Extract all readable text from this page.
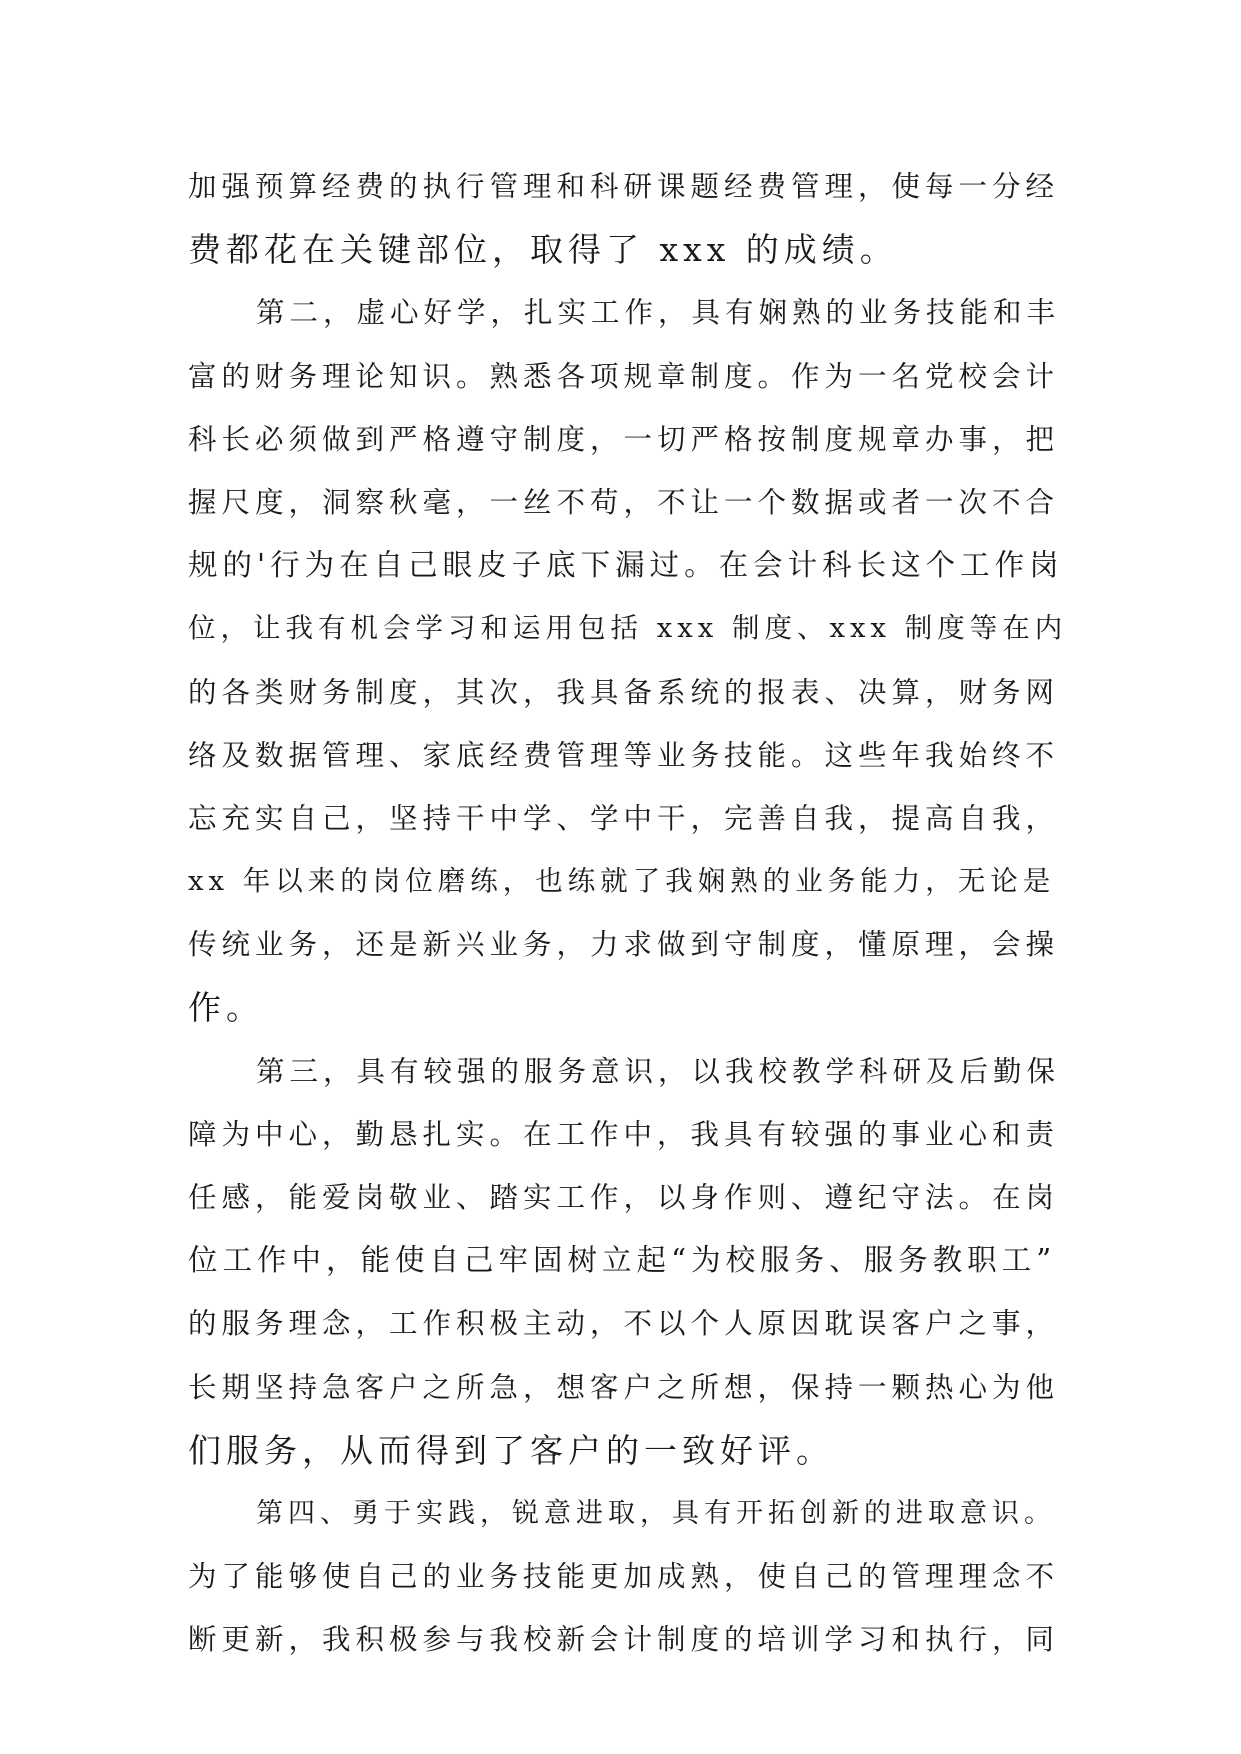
加强预算经费的执行管理和科研课题经费管理，使每一分经
费都花在关键部位，取得了 xxx 的成绩。
第二，虚心好学，扎实工作，具有娴熟的业务技能和丰
富的财务理论知识。熟悉各项规章制度。作为一名党校会计
科长必须做到严格遵守制度，一切严格按制度规章办事，把
握尺度，洞察秋毫，一丝不苟，不让一个数据或者一次不合
规的'行为在自己眼皮子底下漏过。在会计科长这个工作岗
位，让我有机会学习和运用包括 xxx 制度、xxx 制度等在内
的各类财务制度，其次，我具备系统的报表、决算，财务网
络及数据管理、家底经费管理等业务技能。这些年我始终不
忘充实自己，坚持干中学、学中干，完善自我，提高自我，
xx 年以来的岗位磨练，也练就了我娴熟的业务能力，无论是
传统业务，还是新兴业务，力求做到守制度，懂原理，会操
作。
第三，具有较强的服务意识，以我校教学科研及后勤保
障为中心，勤恳扎实。在工作中，我具有较强的事业心和责
任感，能爱岗敬业、踏实工作，以身作则、遵纪守法。在岗
位工作中，能使自己牢固树立起“为校服务、服务教职工”
的服务理念，工作积极主动，不以个人原因耽误客户之事，
长期坚持急客户之所急，想客户之所想，保持一颗热心为他
们服务，从而得到了客户的一致好评。
第四、勇于实践，锐意进取，具有开拓创新的进取意识。
为了能够使自己的业务技能更加成熟，使自己的管理理念不
断更新，我积极参与我校新会计制度的培训学习和执行，同
